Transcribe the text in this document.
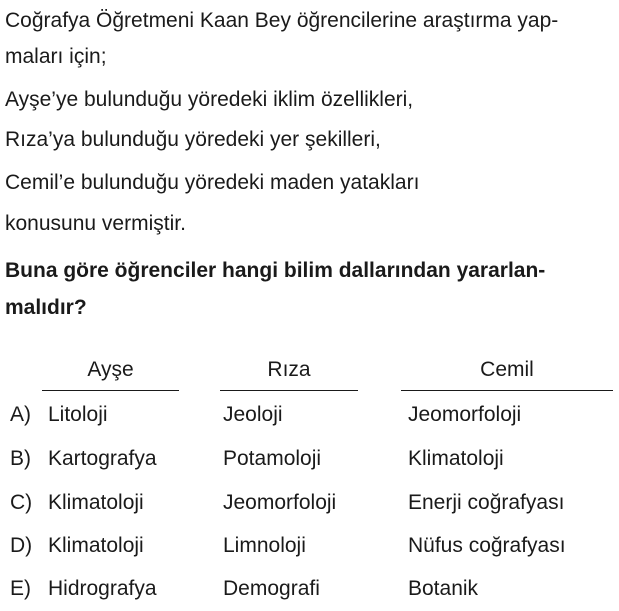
Coğrafya Öğretmeni Kaan Bey öğrencilerine araştırma yap-
maları için;
Ayşe’ye bulunduğu yöredeki iklim özellikleri,
Rıza’ya bulunduğu yöredeki yer şekilleri,
Cemil’e bulunduğu yöredeki maden yatakları
konusunu vermiştir.
Buna göre öğrenciler hangi bilim dallarından yararlan-
malıdır?
Ayşe	Rıza	Cemil
A) Litoloji	Jeoloji	Jeomorfoloji
B) Kartografya	Potamoloji	Klimatoloji
C) Klimatoloji	Jeomorfoloji	Enerji coğrafyası
D) Klimatoloji	Limnoloji	Nüfus coğrafyası
E) Hidrografya	Demografi	Botanik
